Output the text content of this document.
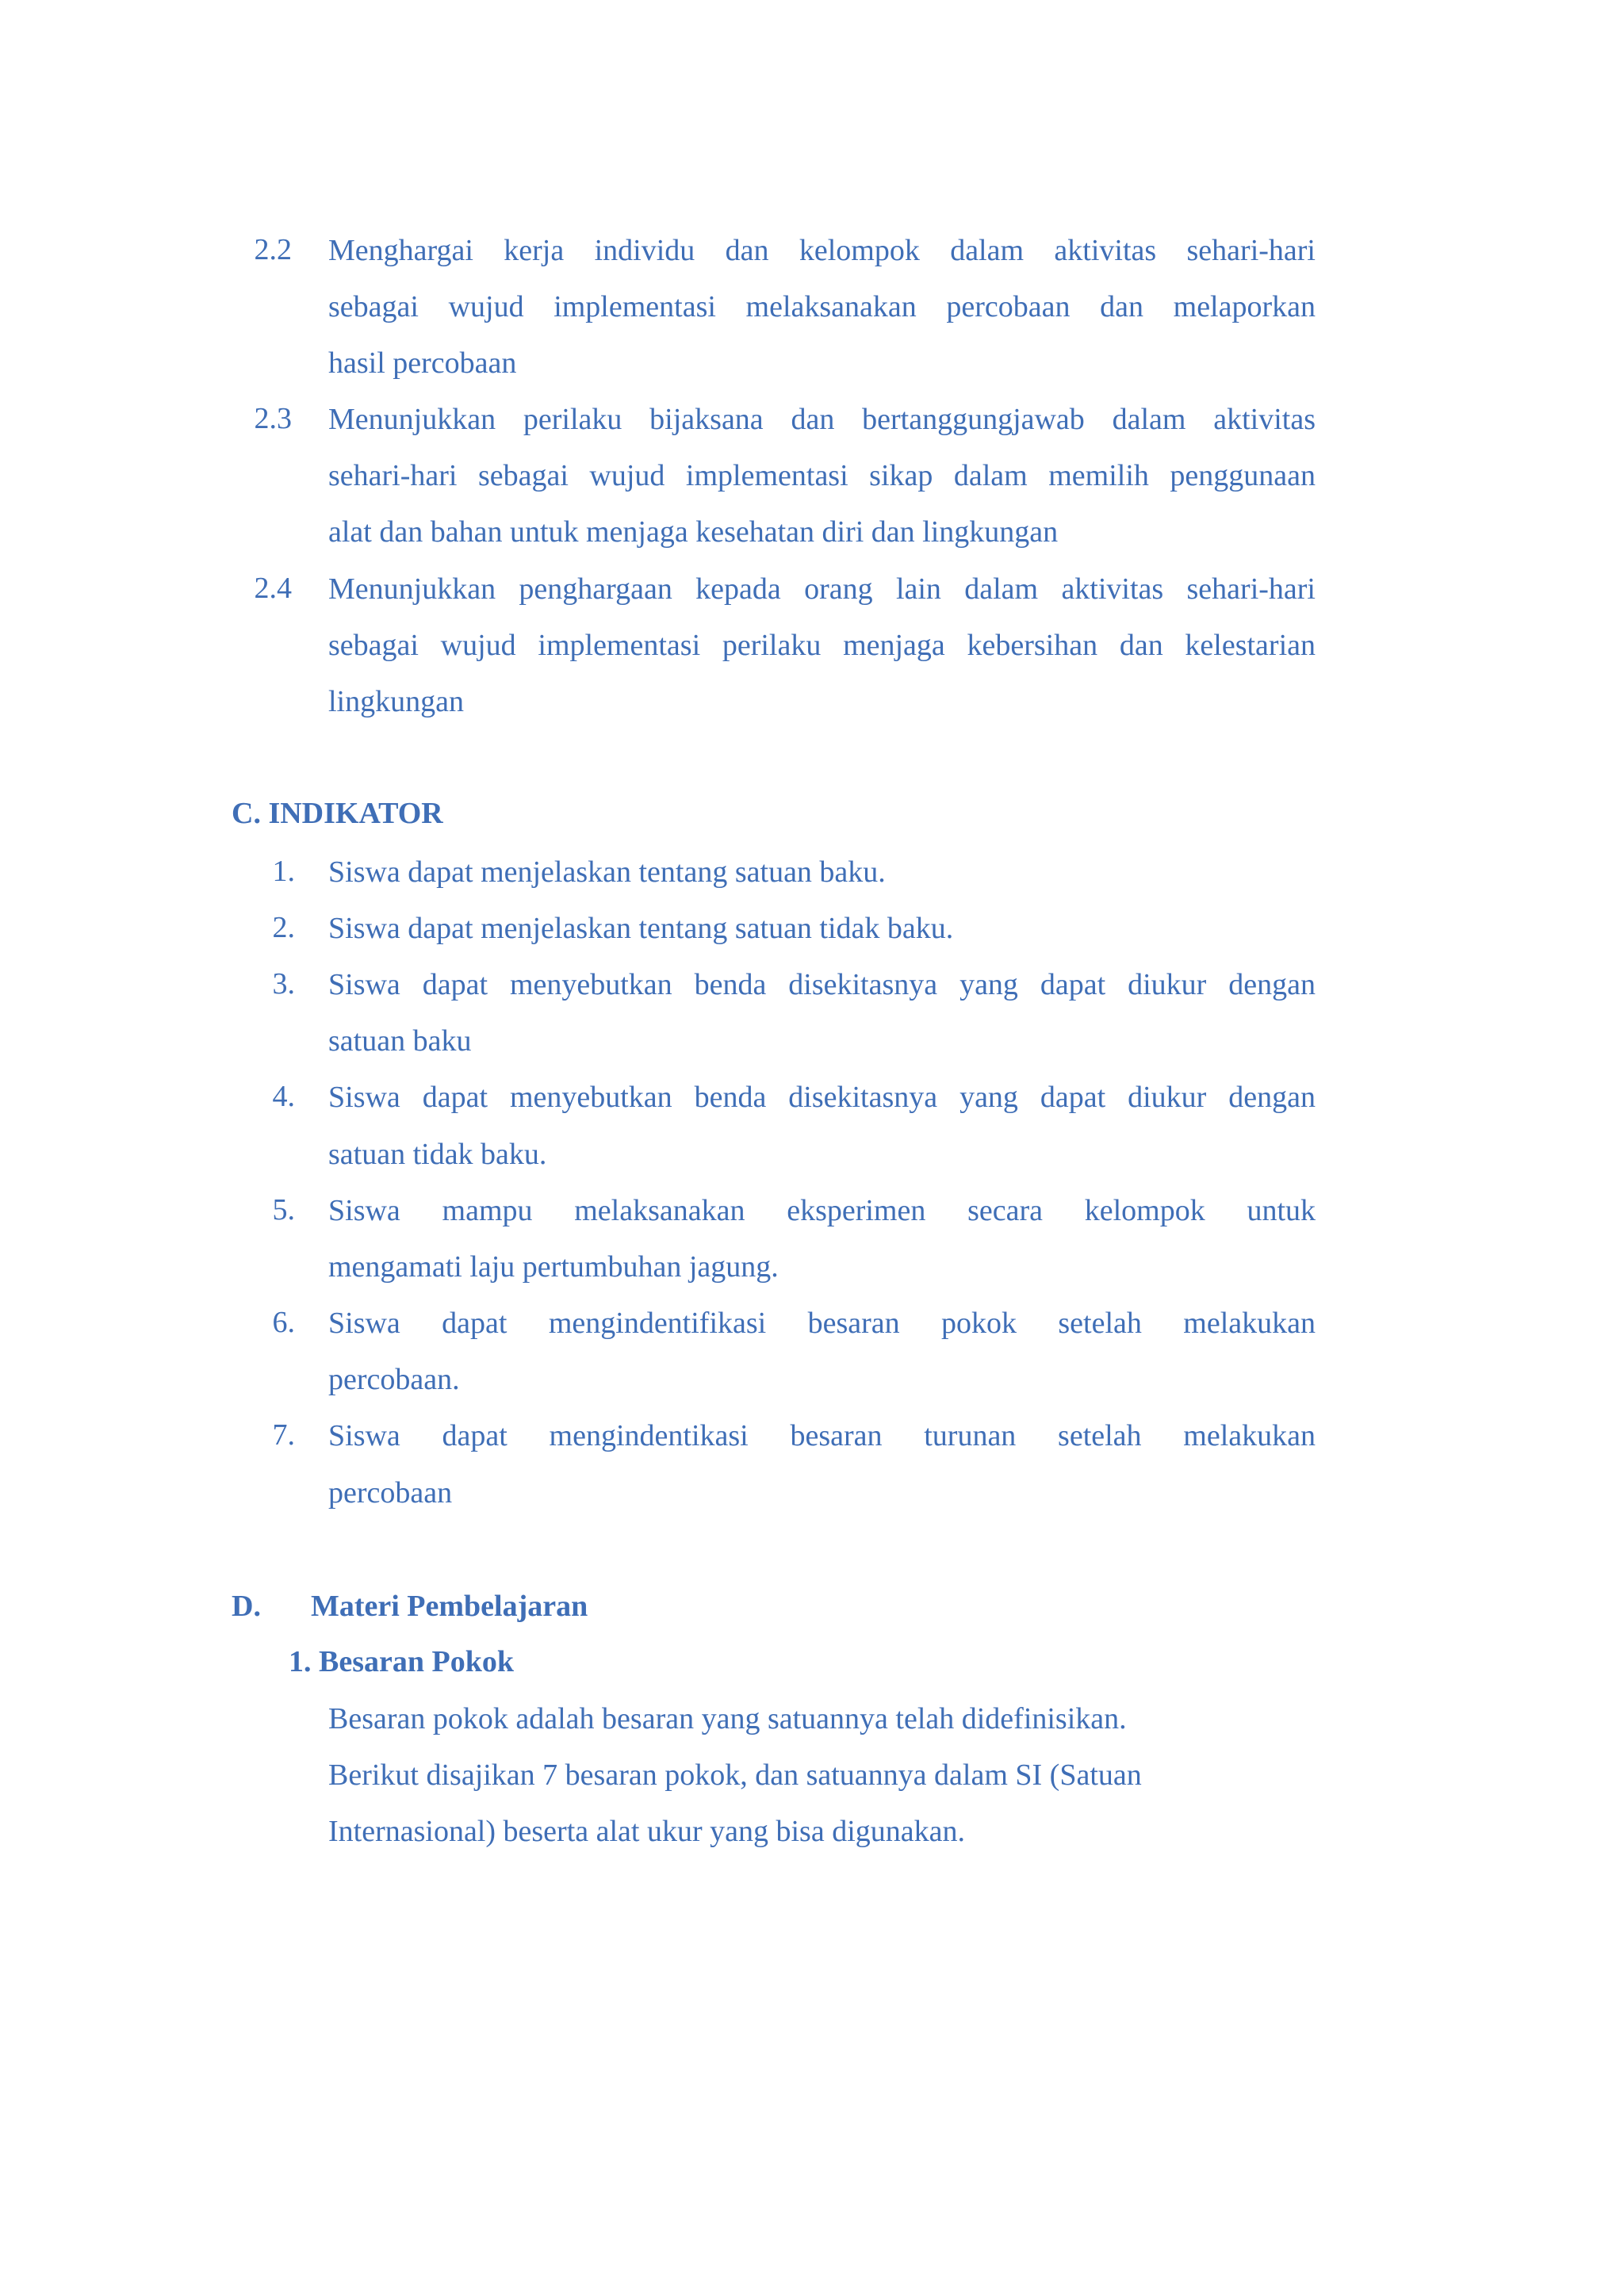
2.2 Menghargai kerja individu dan kelompok dalam aktivitas sehari-hari
sebagai wujud implementasi melaksanakan percobaan dan melaporkan
hasil percobaan
2.3 Menunjukkan perilaku bijaksana dan bertanggungjawab dalam aktivitas
sehari-hari sebagai wujud implementasi sikap dalam memilih penggunaan
alat dan bahan untuk menjaga kesehatan diri dan lingkungan
2.4 Menunjukkan penghargaan kepada orang lain dalam aktivitas sehari-hari
sebagai wujud implementasi perilaku menjaga kebersihan dan kelestarian
lingkungan
C. INDIKATOR
1. Siswa dapat menjelaskan tentang satuan baku.
2. Siswa dapat menjelaskan tentang satuan tidak baku.
3. Siswa dapat menyebutkan benda disekitasnya yang dapat diukur dengan
satuan baku
4. Siswa dapat menyebutkan benda disekitasnya yang dapat diukur dengan
satuan tidak baku.
5. Siswa mampu melaksanakan eksperimen secara kelompok untuk
mengamati laju pertumbuhan jagung.
6. Siswa dapat mengindentifikasi besaran pokok setelah melakukan
percobaan.
7. Siswa dapat mengindentikasi besaran turunan setelah melakukan
percobaan
D. Materi Pembelajaran
1. Besaran Pokok
Besaran pokok adalah besaran yang satuannya telah didefinisikan.
Berikut disajikan 7 besaran pokok, dan satuannya dalam SI (Satuan
Internasional) beserta alat ukur yang bisa digunakan.
